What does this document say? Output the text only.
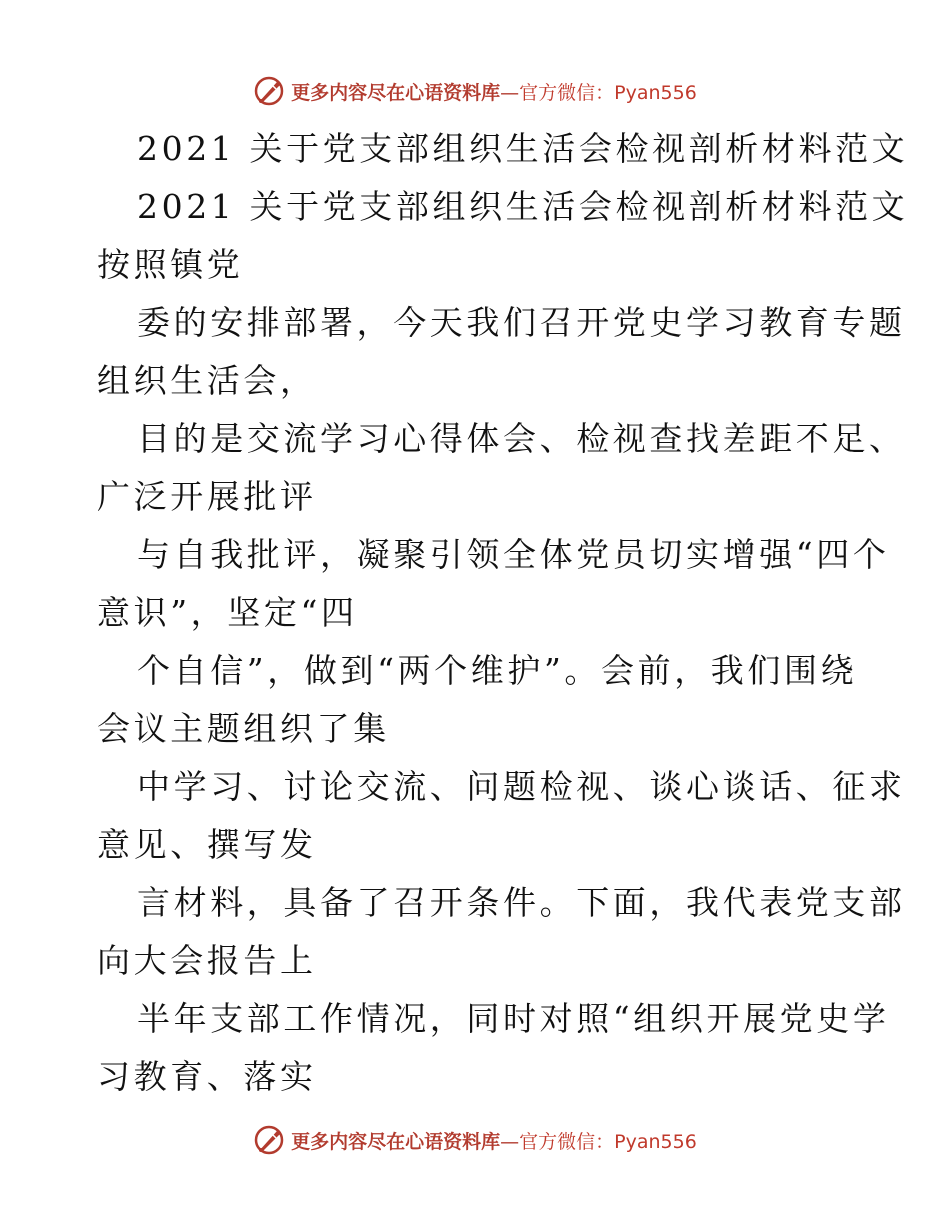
更多内容尽在心语资料库—官方微信：Pyan556
2021 关于党支部组织生活会检视剖析材料范文
2021 关于党支部组织生活会检视剖析材料范文
按照镇党
委的安排部署，今天我们召开党史学习教育专题
组织生活会，
目的是交流学习心得体会、检视查找差距不足、
广泛开展批评
与自我批评，凝聚引领全体党员切实增强“四个
意识”，坚定“四
个自信”，做到“两个维护”。会前，我们围绕
会议主题组织了集
中学习、讨论交流、问题检视、谈心谈话、征求
意见、撰写发
言材料，具备了召开条件。下面，我代表党支部
向大会报告上
半年支部工作情况，同时对照“组织开展党史学
习教育、落实
更多内容尽在心语资料库—官方微信：Pyan556
